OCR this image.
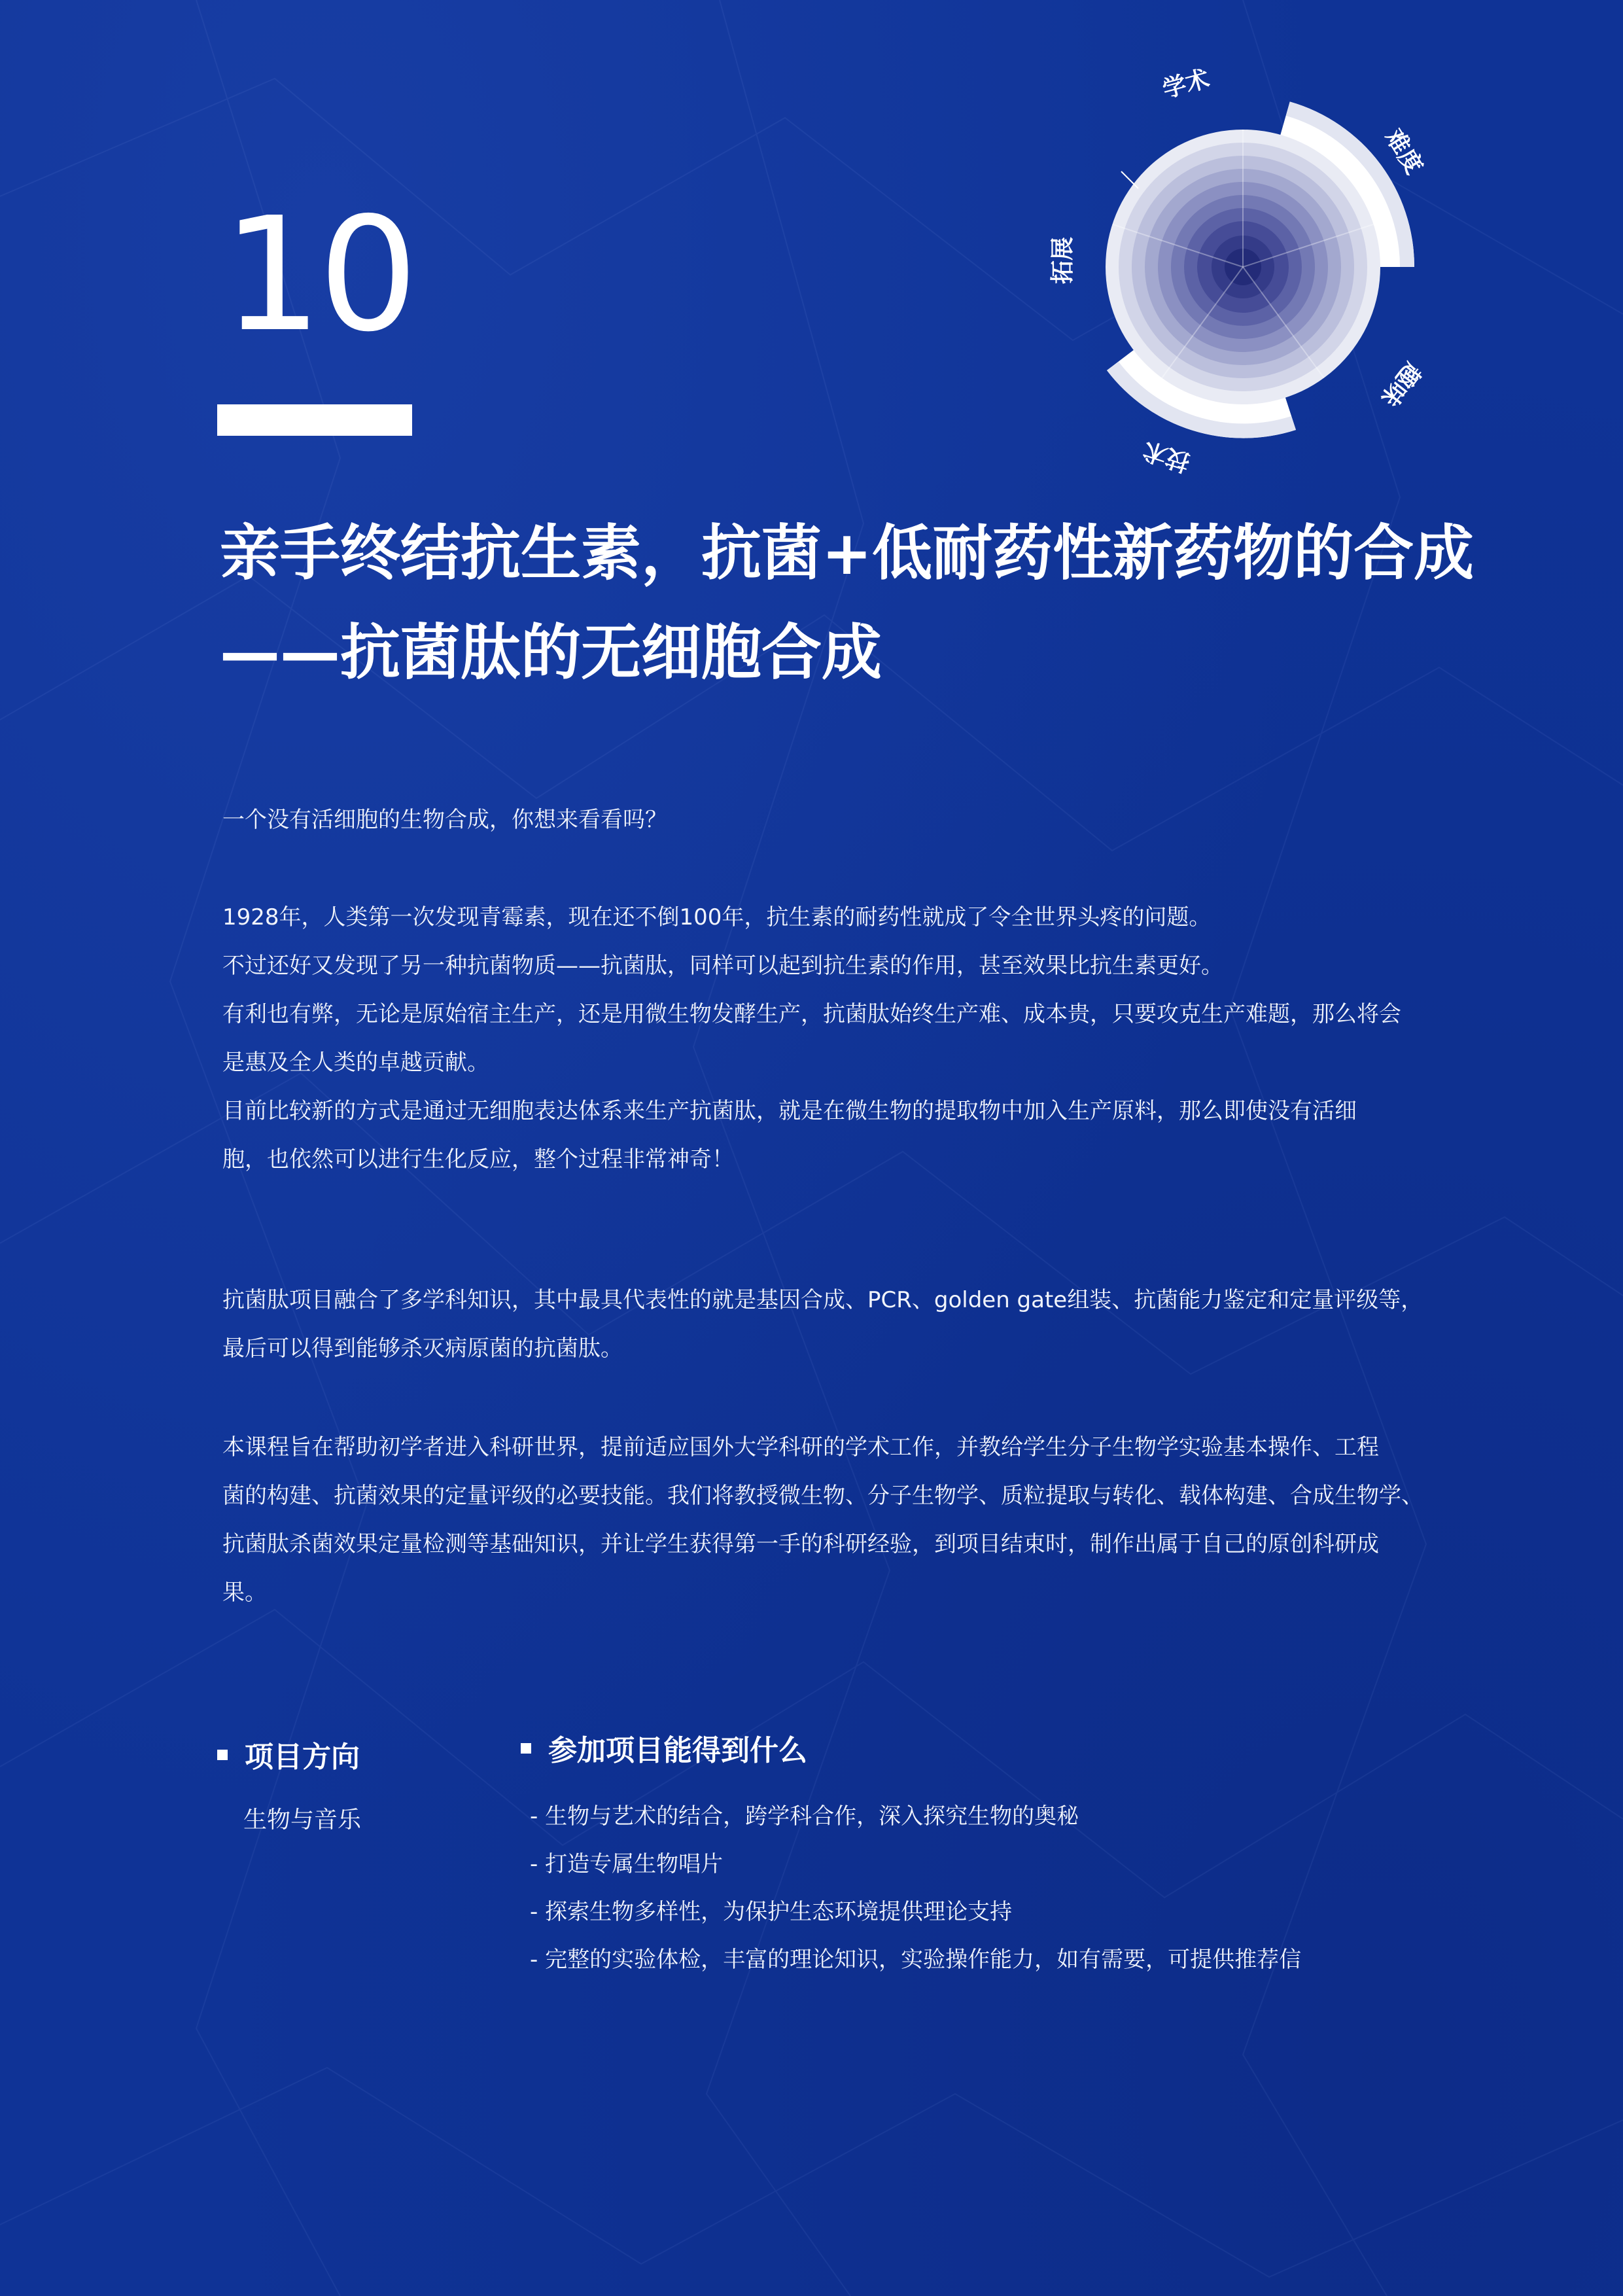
10
学术
难度
趣味
技术
拓展
亲手终结抗生素，抗菌+低耐药性新药物的合成
——抗菌肽的无细胞合成

一个没有活细胞的生物合成，你想来看看吗？

1928年，人类第一次发现青霉素，现在还不倒100年，抗生素的耐药性就成了令全世界头疼的问题。

不过还好又发现了另一种抗菌物质——抗菌肽，同样可以起到抗生素的作用，甚至效果比抗生素更好。

有利也有弊，无论是原始宿主生产，还是用微生物发酵生产，抗菌肽始终生产难、成本贵，只要攻克生产难题，那么将会

是惠及全人类的卓越贡献。

目前比较新的方式是通过无细胞表达体系来生产抗菌肽，就是在微生物的提取物中加入生产原料，那么即使没有活细

胞，也依然可以进行生化反应，整个过程非常神奇！

抗菌肽项目融合了多学科知识，其中最具代表性的就是基因合成、PCR、golden gate组装、抗菌能力鉴定和定量评级等，

最后可以得到能够杀灭病原菌的抗菌肽。

本课程旨在帮助初学者进入科研世界，提前适应国外大学科研的学术工作，并教给学生分子生物学实验基本操作、工程

菌的构建、抗菌效果的定量评级的必要技能。我们将教授微生物、分子生物学、质粒提取与转化、载体构建、合成生物学、

抗菌肽杀菌效果定量检测等基础知识，并让学生获得第一手的科研经验，到项目结束时，制作出属于自己的原创科研成

果。

项目方向
生物与音乐
参加项目能得到什么
- 生物与艺术的结合，跨学科合作，深入探究生物的奥秘
- 打造专属生物唱片
- 探索生物多样性，为保护生态环境提供理论支持
- 完整的实验体检，丰富的理论知识，实验操作能力，如有需要，可提供推荐信
